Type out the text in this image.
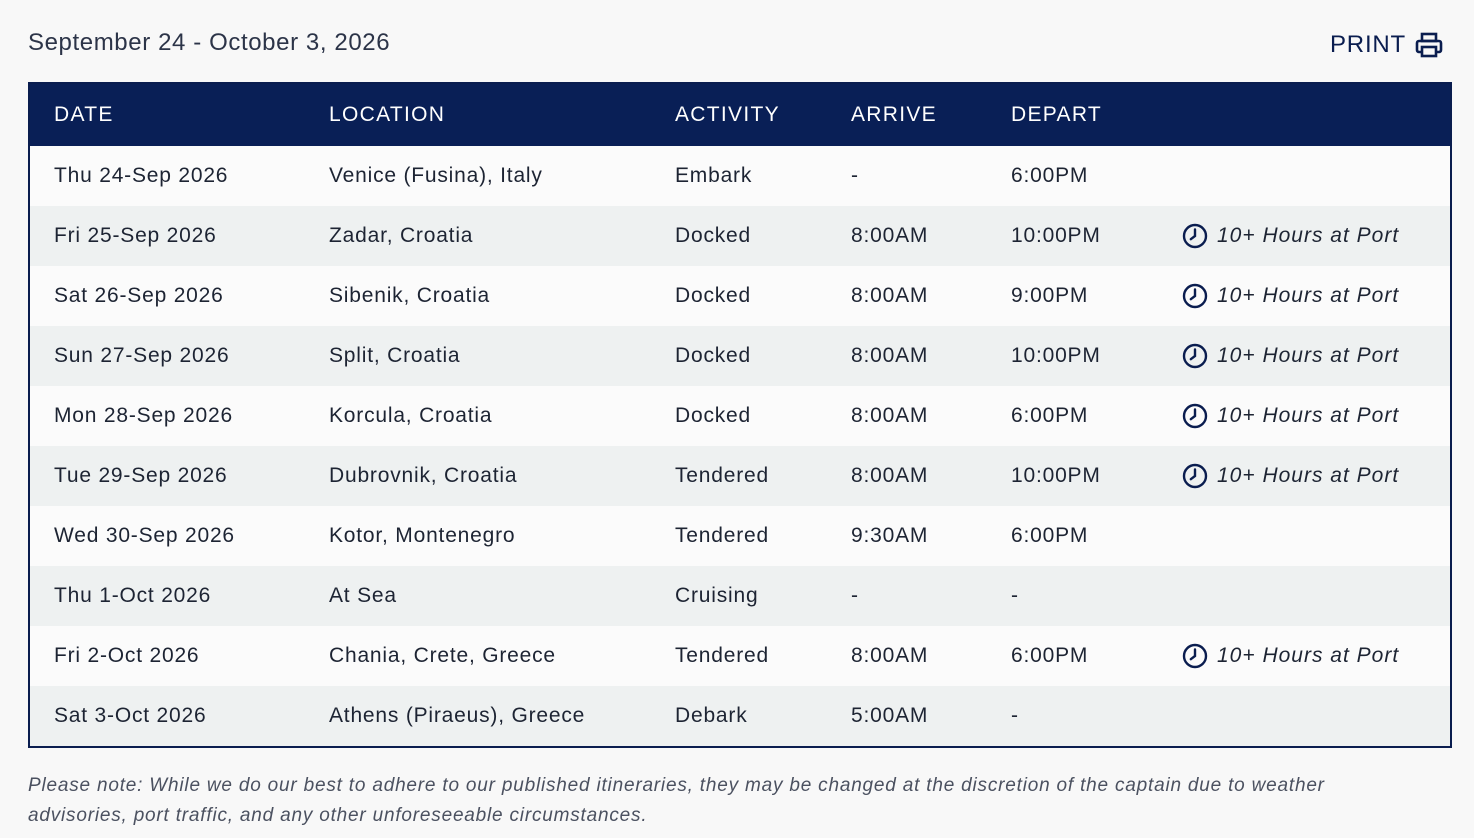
September 24 - October 3, 2026	PRINT
DATE	LOCATION	ACTIVITY	ARRIVE	DEPART
Thu 24-Sep 2026	Venice (Fusina), Italy	Embark	-	6:00PM
Fri 25-Sep 2026	Zadar, Croatia	Docked	8:00AM	10:00PM	10+ Hours at Port
Sat 26-Sep 2026	Sibenik, Croatia	Docked	8:00AM	9:00PM	10+ Hours at Port
Sun 27-Sep 2026	Split, Croatia	Docked	8:00AM	10:00PM	10+ Hours at Port
Mon 28-Sep 2026	Korcula, Croatia	Docked	8:00AM	6:00PM	10+ Hours at Port
Tue 29-Sep 2026	Dubrovnik, Croatia	Tendered	8:00AM	10:00PM	10+ Hours at Port
Wed 30-Sep 2026	Kotor, Montenegro	Tendered	9:30AM	6:00PM
Thu 1-Oct 2026	At Sea	Cruising	-	-
Fri 2-Oct 2026	Chania, Crete, Greece	Tendered	8:00AM	6:00PM	10+ Hours at Port
Sat 3-Oct 2026	Athens (Piraeus), Greece	Debark	5:00AM	-
Please note: While we do our best to adhere to our published itineraries, they may be changed at the discretion of the captain due to weather advisories, port traffic, and any other unforeseeable circumstances.
